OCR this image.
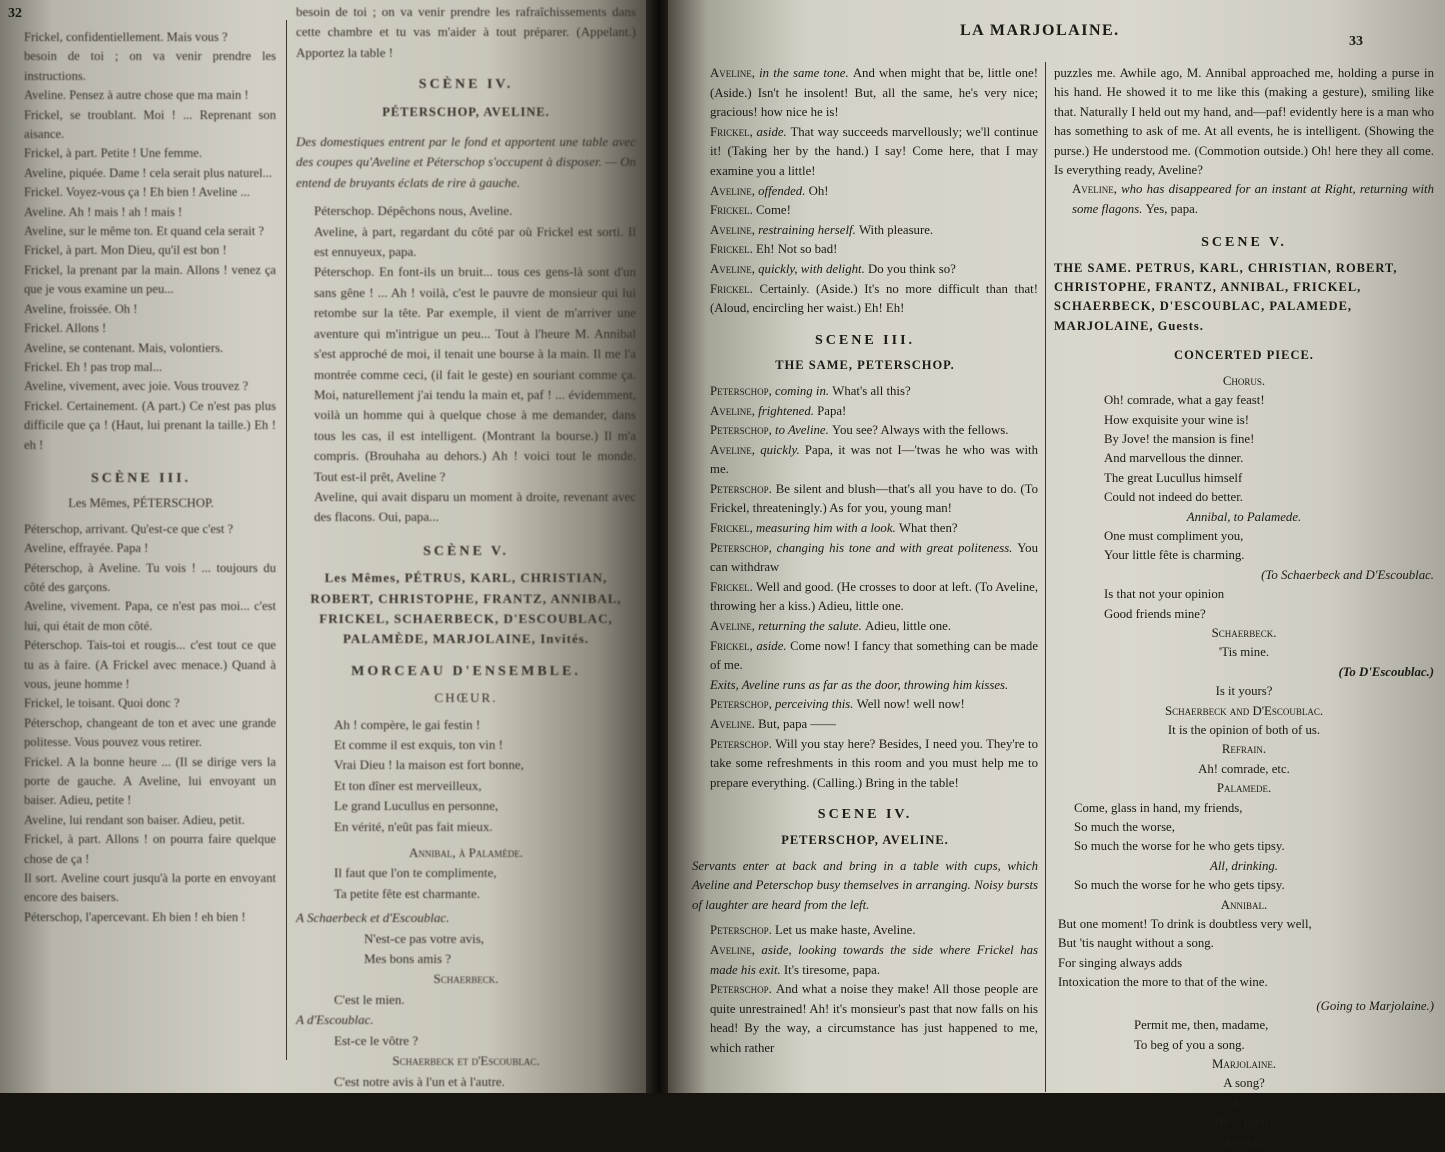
32

Frickel, confidentiellement. Mais vous ?

besoin de toi ; on va venir prendre les instructions.

Aveline. Pensez à autre chose que ma main !

Frickel, se troublant. Moi ! ... Reprenant son aisance.

Frickel, à part. Petite ! Une femme.

Aveline, piquée. Dame ! cela serait plus naturel...

Frickel. Voyez-vous ça ! Eh bien ! Aveline ...

Aveline. Ah ! mais ! ah ! mais !

Aveline, sur le même ton. Et quand cela serait ?

Frickel, à part. Mon Dieu, qu'il est bon !

Frickel, la prenant par la main. Allons ! venez ça que je vous examine un peu...

Aveline, froissée. Oh !

Frickel. Allons !

Aveline, se contenant. Mais, volontiers.

Frickel. Eh ! pas trop mal...

Aveline, vivement, avec joie. Vous trouvez ?

Frickel. Certainement. (A part.) Ce n'est pas plus difficile que ça ! (Haut, lui prenant la taille.) Eh ! eh !

SCÈNE III.

Les Mêmes, PÉTERSCHOP.

Péterschop, arrivant. Qu'est-ce que c'est ?

Aveline, effrayée. Papa !

Péterschop, à Aveline. Tu vois ! ... toujours du côté des garçons.

Aveline, vivement. Papa, ce n'est pas moi... c'est lui, qui était de mon côté.

Péterschop. Tais-toi et rougis... c'est tout ce que tu as à faire. (A Frickel avec menace.) Quand à vous, jeune homme !

Frickel, le toisant. Quoi donc ?

Péterschop, changeant de ton et avec une grande politesse. Vous pouvez vous retirer.

Frickel. A la bonne heure ... (Il se dirige vers la porte de gauche. A Aveline, lui envoyant un baiser. Adieu, petite !

Aveline, lui rendant son baiser. Adieu, petit.

Frickel, à part. Allons ! on pourra faire quelque chose de ça !

Il sort. Aveline court jusqu'à la porte en envoyant encore des baisers.

Péterschop, l'apercevant. Eh bien ! eh bien !

besoin de toi ; on va venir prendre les rafraîchissements dans cette chambre et tu vas m'aider à tout préparer. (Appelant.) Apportez la table !

SCÈNE IV.

PÉTERSCHOP, AVELINE.

Des domestiques entrent par le fond et apportent une table avec des coupes qu'Aveline et Péterschop s'occupent à disposer. — On entend de bruyants éclats de rire à gauche.

Péterschop. Dépêchons nous, Aveline.

Aveline, à part, regardant du côté par où Frickel est sorti. Il est ennuyeux, papa.

Péterschop. En font-ils un bruit... tous ces gens-là sont d'un sans gêne ! ... Ah ! voilà, c'est le pauvre de monsieur qui lui retombe sur la tête. Par exemple, il vient de m'arriver une aventure qui m'intrigue un peu... Tout à l'heure M. Annibal s'est approché de moi, il tenait une bourse à la main. Il me l'a montrée comme ceci, (il fait le geste) en souriant comme ça. Moi, naturellement j'ai tendu la main et, paf ! ... évidemment, voilà un homme qui à quelque chose à me demander, dans tous les cas, il est intelligent. (Montrant la bourse.) Il m'a compris. (Brouhaha au dehors.) Ah ! voici tout le monde. Tout est-il prêt, Aveline ?

Aveline, qui avait disparu un moment à droite, revenant avec des flacons. Oui, papa...

SCÈNE V.

Les Mêmes, PÉTRUS, KARL, CHRISTIAN, ROBERT, CHRISTOPHE, FRANTZ, ANNIBAL, FRICKEL, SCHAERBECK, D'ESCOUBLAC, PALAMÈDE, MARJOLAINE, Invités.

MORCEAU D'ENSEMBLE.

CHŒUR.

Ah ! compère, le gai festin !

Et comme il est exquis, ton vin !

Vrai Dieu ! la maison est fort bonne,

Et ton dîner est merveilleux,

Le grand Lucullus en personne,

En vérité, n'eût pas fait mieux.

Annibal, à Palamède.

Il faut que l'on te complimente,

Ta petite fête est charmante.

A Schaerbeck et d'Escoublac.

N'est-ce pas votre avis,

Mes bons amis ?

Schaerbeck.

C'est le mien.

A d'Escoublac.

Est-ce le vôtre ?

Schaerbeck et d'Escoublac.

C'est notre avis à l'un et à l'autre.

LA MARJOLAINE.
33

Aveline, in the same tone. And when might that be, little one! (Aside.) Isn't he insolent! But, all the same, he's very nice; gracious! how nice he is!

Frickel, aside. That way succeeds marvellously; we'll continue it! (Taking her by the hand.) I say! Come here, that I may examine you a little!

Aveline, offended. Oh!

Frickel. Come!

Aveline, restraining herself. With pleasure.

Frickel. Eh! Not so bad!

Aveline, quickly, with delight. Do you think so?

Frickel. Certainly. (Aside.) It's no more difficult than that! (Aloud, encircling her waist.) Eh! Eh!

SCENE III.

THE SAME, PETERSCHOP.

Peterschop, coming in. What's all this?

Aveline, frightened. Papa!

Peterschop, to Aveline. You see? Always with the fellows.

Aveline, quickly. Papa, it was not I—'twas he who was with me.

Peterschop. Be silent and blush—that's all you have to do. (To Frickel, threateningly.) As for you, young man!

Frickel, measuring him with a look. What then?

Peterschop, changing his tone and with great politeness. You can withdraw

Frickel. Well and good. (He crosses to door at left. (To Aveline, throwing her a kiss.) Adieu, little one.

Aveline, returning the salute. Adieu, little one.

Frickel, aside. Come now! I fancy that something can be made of me.

Exits, Aveline runs as far as the door, throwing him kisses.

Peterschop, perceiving this. Well now! well now!

Aveline. But, papa ——

Peterschop. Will you stay here? Besides, I need you. They're to take some refreshments in this room and you must help me to prepare everything. (Calling.) Bring in the table!

SCENE IV.

PETERSCHOP, AVELINE.

Servants enter at back and bring in a table with cups, which Aveline and Peterschop busy themselves in arranging. Noisy bursts of laughter are heard from the left.

Peterschop. Let us make haste, Aveline.

Aveline, aside, looking towards the side where Frickel has made his exit. It's tiresome, papa.

Peterschop. And what a noise they make! All those people are quite unrestrained! Ah! it's monsieur's past that now falls on his head! By the way, a circumstance has just happened to me, which rather

puzzles me. Awhile ago, M. Annibal approached me, holding a purse in his hand. He showed it to me like this (making a gesture), smiling like that. Naturally I held out my hand, and—paf! evidently here is a man who has something to ask of me. At all events, he is intelligent. (Showing the purse.) He understood me. (Commotion outside.) Oh! here they all come. Is everything ready, Aveline?

Aveline, who has disappeared for an instant at Right, returning with some flagons. Yes, papa.

SCENE V.

THE SAME. PETRUS, KARL, CHRISTIAN, ROBERT, CHRISTOPHE, FRANTZ, ANNIBAL, FRICKEL, SCHAERBECK, D'ESCOUBLAC, PALAMEDE, MARJOLAINE, Guests.

CONCERTED PIECE.

Chorus.

Oh! comrade, what a gay feast!

How exquisite your wine is!

By Jove! the mansion is fine!

And marvellous the dinner.

The great Lucullus himself

Could not indeed do better.

Annibal, to Palamede.

One must compliment you,

Your little fête is charming.

(To Schaerbeck and D'Escoublac.

Is that not your opinion

Good friends mine?

Schaerbeck.

'Tis mine.

(To D'Escoublac.)

Is it yours?

Schaerbeck and D'Escoublac.

It is the opinion of both of us.

Refrain.

Ah! comrade, etc.

Palamede.

Come, glass in hand, my friends,

So much the worse,

So much the worse for he who gets tipsy.

All, drinking.

So much the worse for he who gets tipsy.

Annibal.

But one moment! To drink is doubtless very well,

But 'tis naught without a song.

For singing always adds

Intoxication the more to that of the wine.

(Going to Marjolaine.)

Permit me, then, madame,

To beg of you a song.

Marjolaine.

A song?

All.

He is right'.

A song!
